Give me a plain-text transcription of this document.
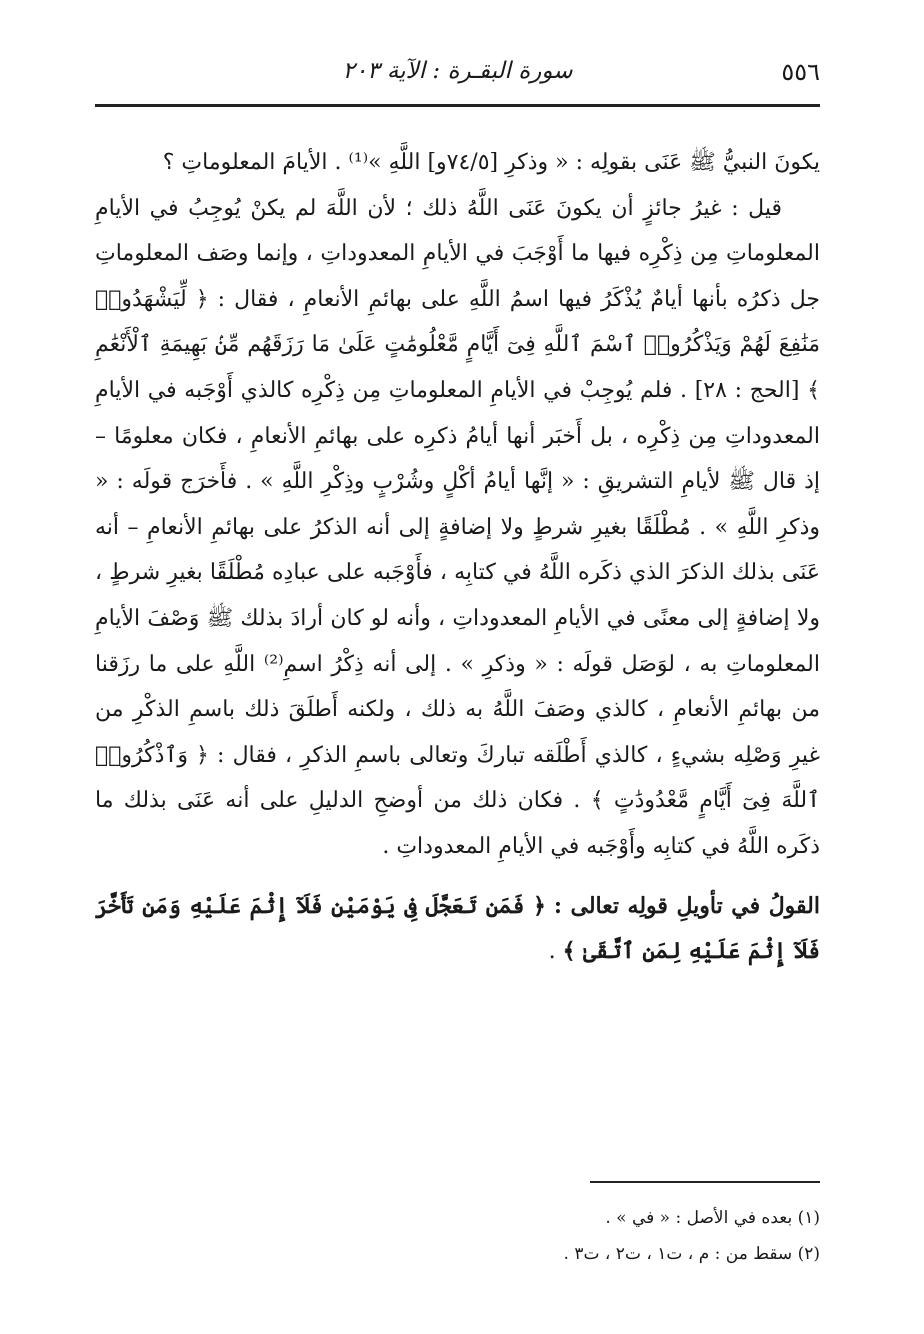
٥٥٦
سورة البقـرة : الآية ٢٠٣

يكونَ النبيُّ ﷺ عَنَى بقولِه : « وذكرِ [٧٤/٥و] اللَّهِ »⁽¹⁾ . الأيامَ المعلوماتِ ؟

قيل : غيرُ جائزٍ أن يكونَ عَنَى اللَّهُ ذلك ؛ لأن اللَّهَ لم يكنْ يُوجِبُ في الأيامِ المعلوماتِ مِن ذِكْرِه فيها ما أَوْجَبَ في الأيامِ المعدوداتِ ، وإنما وصَف المعلوماتِ جل ذكرُه بأنها أيامٌ يُذْكَرُ فيها اسمُ اللَّهِ على بهائمِ الأنعامِ ، فقال : ﴿ لِّيَشْهَدُوا۟ مَنَٰفِعَ لَهُمْ وَيَذْكُرُوا۟ ٱسْمَ ٱللَّهِ فِىٓ أَيَّامٍ مَّعْلُومَٰتٍ عَلَىٰ مَا رَزَقَهُم مِّنۢ بَهِيمَةِ ٱلْأَنْعَٰمِ ﴾ [الحج : ٢٨] . فلم يُوجِبْ في الأيامِ المعلوماتِ مِن ذِكْرِه كالذي أَوْجَبه في الأيامِ المعدوداتِ مِن ذِكْرِه ، بل أَخبَر أنها أيامُ ذكرِه على بهائمِ الأنعامِ ، فكان معلومًا – إذ قال ﷺ لأيامِ التشريقِ : « إنَّها أيامُ أكْلٍ وشُرْبٍ وذِكْرِ اللَّهِ » . فأَخرَج قولَه : « وذكرِ اللَّهِ » . مُطْلَقًا بغيرِ شرطٍ ولا إضافةٍ إلى أنه الذكرُ على بهائمِ الأنعامِ – أنه عَنَى بذلك الذكرَ الذي ذكَره اللَّهُ في كتابِه ، فأَوْجَبه على عبادِه مُطْلَقًا بغيرِ شرطٍ ، ولا إضافةٍ إلى معنًى في الأيامِ المعدوداتِ ، وأنه لو كان أرادَ بذلك ﷺ وَصْفَ الأيامِ المعلوماتِ به ، لوَصَل قولَه : « وذكرِ » . إلى أنه ذِكْرُ اسمِ⁽²⁾ اللَّهِ على ما رزَقنا من بهائمِ الأنعامِ ، كالذي وصَفَ اللَّهُ به ذلك ، ولكنه أَطلَقَ ذلك باسمِ الذكْرِ من غيرِ وَصْلِه بشيءٍ ، كالذي أَطْلَقه تباركَ وتعالى باسمِ الذكرِ ، فقال : ﴿ وَٱذْكُرُوا۟ ٱللَّهَ فِىٓ أَيَّامٍ مَّعْدُودَٰتٍ ﴾ . فكان ذلك من أوضحِ الدليلِ على أنه عَنَى بذلك ما ذكَره اللَّهُ في كتابِه وأَوْجَبه في الأيامِ المعدوداتِ .

القولُ في تأويلِ قولِه تعالى : ﴿ فَمَن تَعَجَّلَ فِى يَوْمَيْنِ فَلَآ إِثْمَ عَلَيْهِ وَمَن تَأَخَّرَ فَلَآ إِثْمَ عَلَيْهِ لِمَنِ ٱتَّقَىٰ ﴾ .

(١) بعده في الأصل : « في » .

(٢) سقط من : م ، ت١ ، ت٢ ، ت٣ .
